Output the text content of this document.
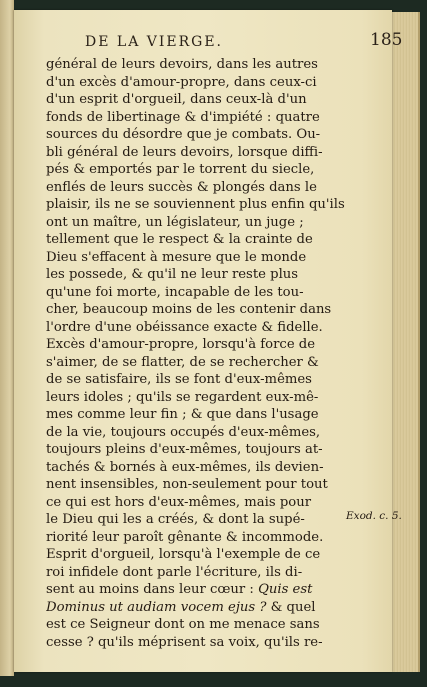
DE LA VIERGE.	185
général de leurs devoirs, dans les autres
d'un excès d'amour-propre, dans ceux-ci
d'un esprit d'orgueil, dans ceux-là d'un
fonds de libertinage & d'impiété : quatre
sources du désordre que je combats. Ou-
bli général de leurs devoirs, lorsque diffi-
pés & emportés par le torrent du siecle,
enflés de leurs succès & plongés dans le
plaisir, ils ne se souviennent plus enfin qu'ils
ont un maître, un législateur, un juge ;
tellement que le respect & la crainte de
Dieu s'effacent à mesure que le monde
les possede, & qu'il ne leur reste plus
qu'une foi morte, incapable de les tou-
cher, beaucoup moins de les contenir dans
l'ordre d'une obéissance exacte & fidelle.
Excès d'amour-propre, lorsqu'à force de
s'aimer, de se flatter, de se rechercher &
de se satisfaire, ils se font d'eux-mêmes
leurs idoles ; qu'ils se regardent eux-mê-
mes comme leur fin ; & que dans l'usage
de la vie, toujours occupés d'eux-mêmes,
toujours pleins d'eux-mêmes, toujours at-
tachés & bornés à eux-mêmes, ils devien-
nent insensibles, non-seulement pour tout
ce qui est hors d'eux-mêmes, mais pour
le Dieu qui les a créés, & dont la supé-
riorité leur paroît gênante & incommode.
Esprit d'orgueil, lorsqu'à l'exemple de ce
roi infidele dont parle l'écriture, ils di-
sent au moins dans leur cœur : Quis est
Dominus ut audiam vocem ejus ? & quel
est ce Seigneur dont on me menace sans
cesse ? qu'ils méprisent sa voix, qu'ils re-
Exod. c. 5.
